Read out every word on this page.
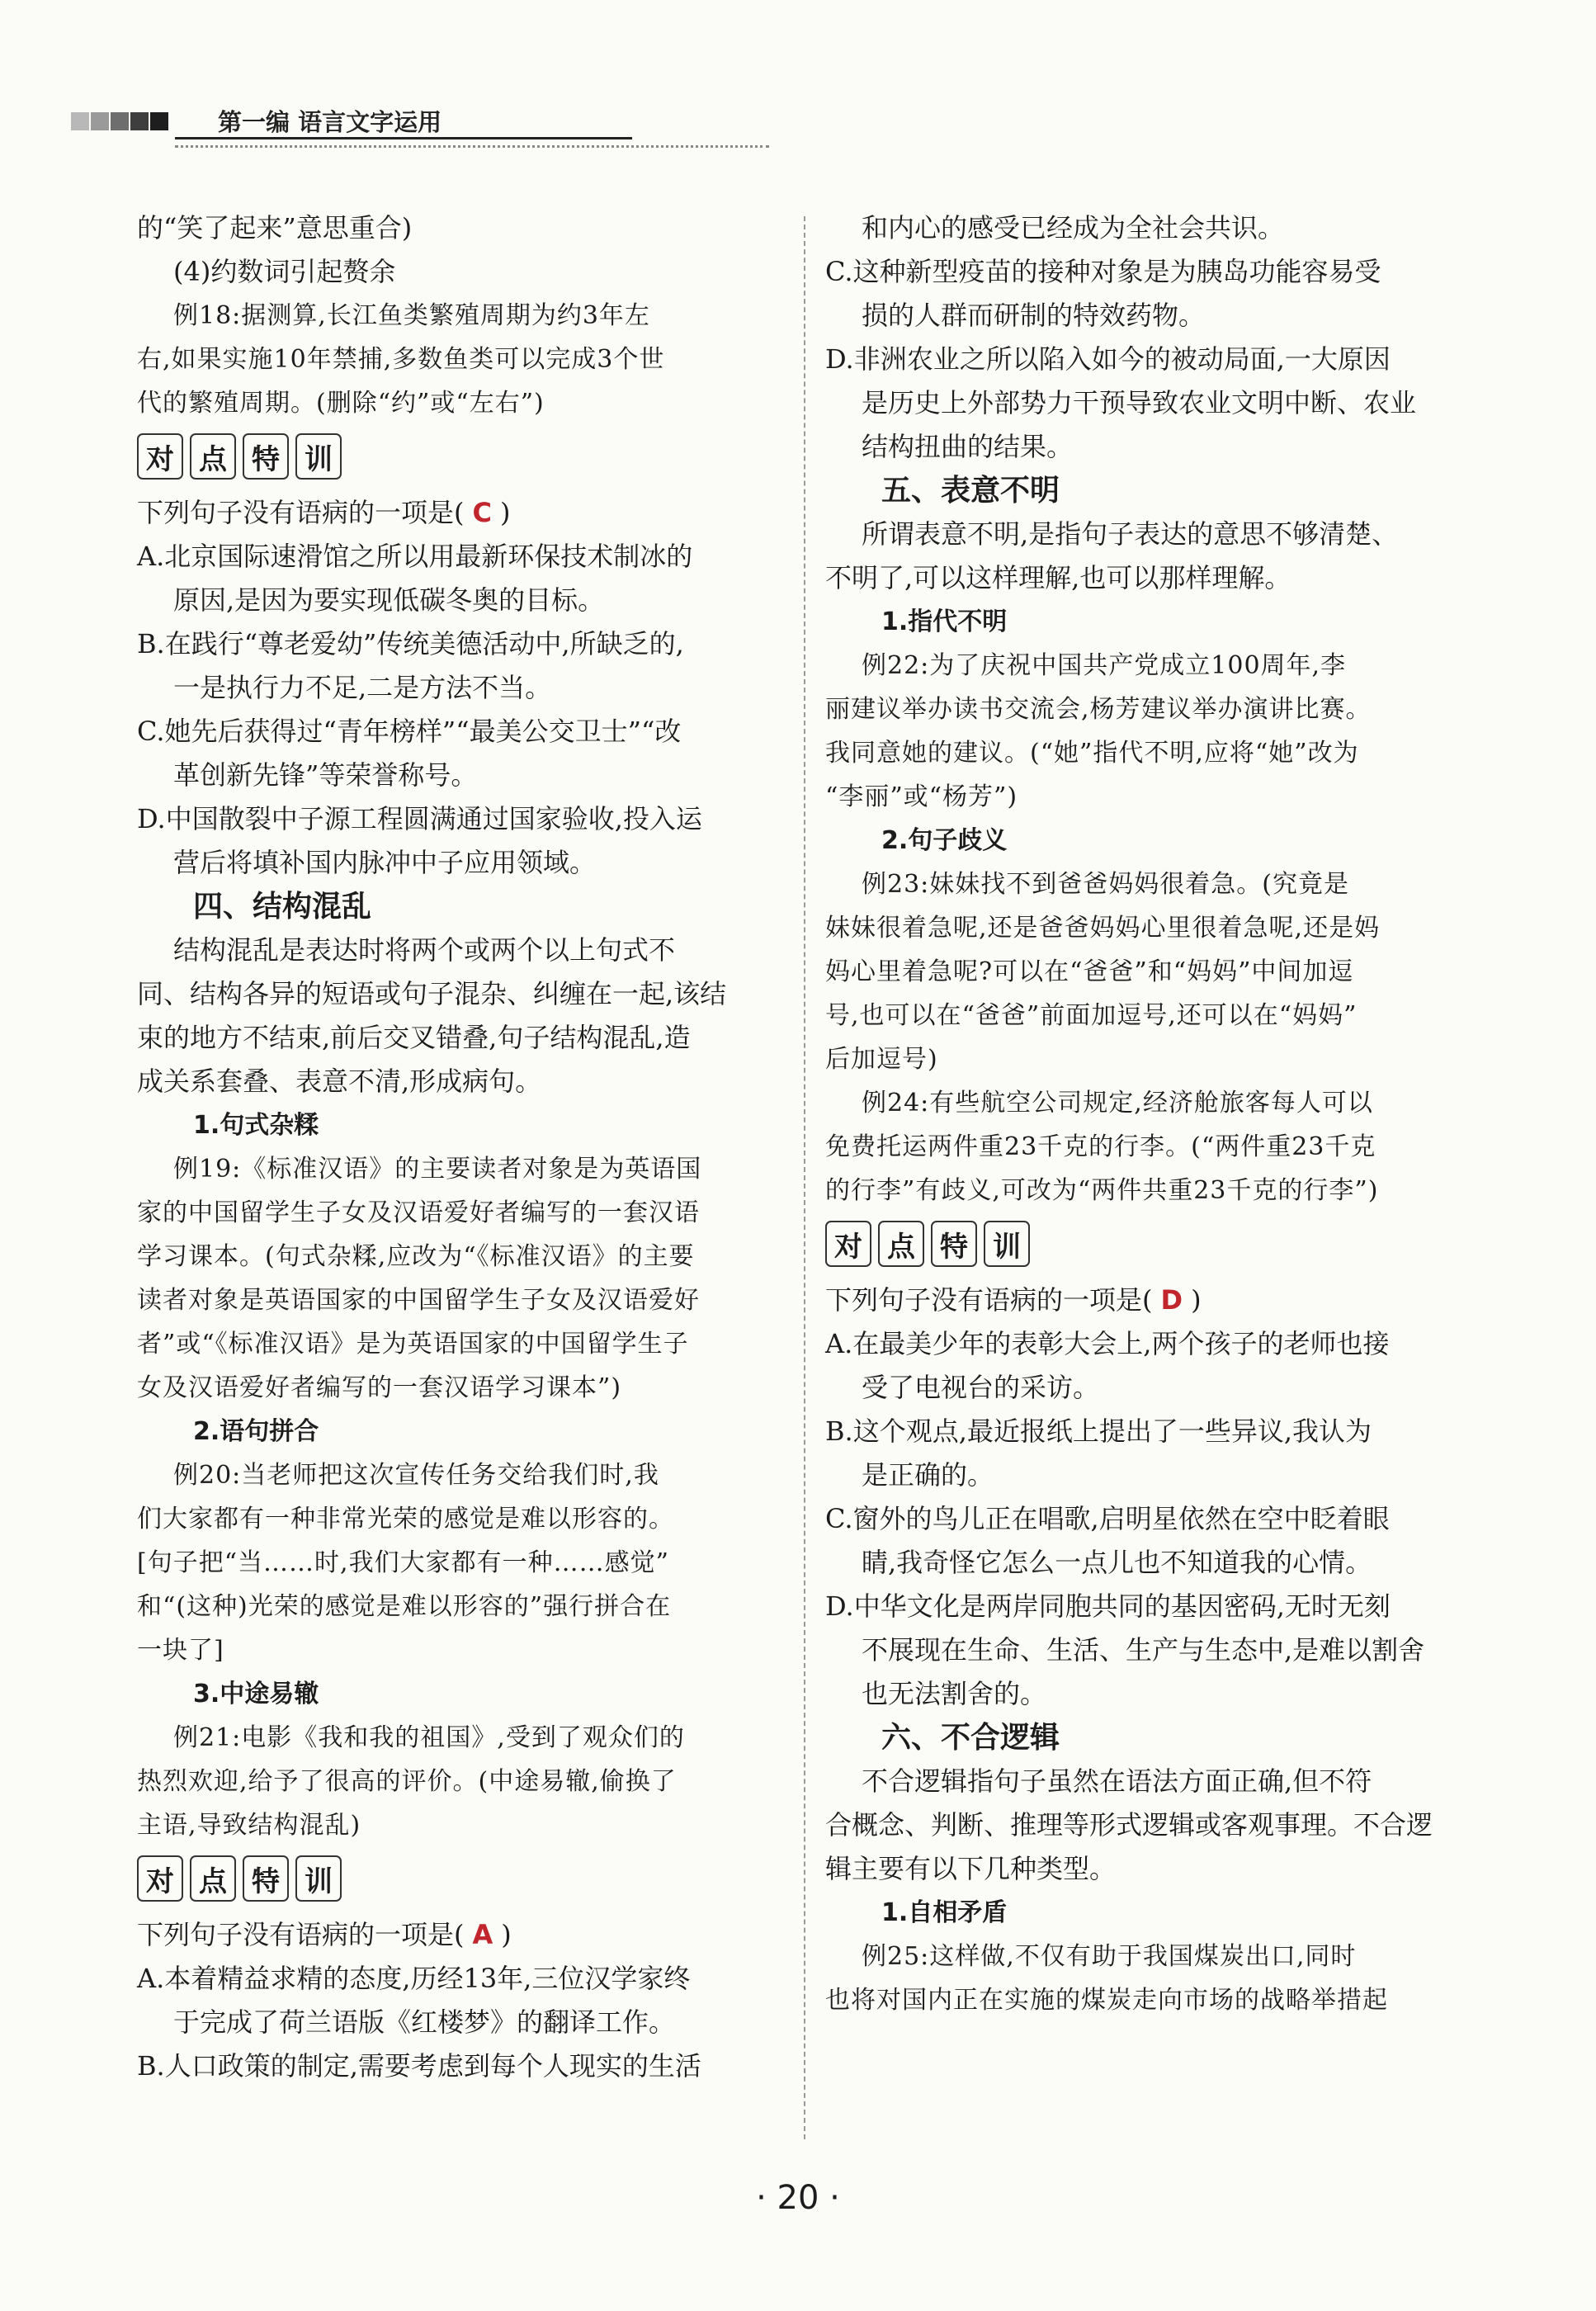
第一编 语言文字运用
的“笑了起来”意思重合)
(4)约数词引起赘余
例18:据测算,长江鱼类繁殖周期为约3年左
右,如果实施10年禁捕,多数鱼类可以完成3个世
代的繁殖周期。(删除“约”或“左右”)
对 点 特 训
下列句子没有语病的一项是( C )
A.北京国际速滑馆之所以用最新环保技术制冰的
原因,是因为要实现低碳冬奥的目标。
B.在践行“尊老爱幼”传统美德活动中,所缺乏的,
一是执行力不足,二是方法不当。
C.她先后获得过“青年榜样”“最美公交卫士”“改
革创新先锋”等荣誉称号。
D.中国散裂中子源工程圆满通过国家验收,投入运
营后将填补国内脉冲中子应用领域。
四、结构混乱
结构混乱是表达时将两个或两个以上句式不
同、结构各异的短语或句子混杂、纠缠在一起,该结
束的地方不结束,前后交叉错叠,句子结构混乱,造
成关系套叠、表意不清,形成病句。
1.句式杂糅
例19:《标准汉语》的主要读者对象是为英语国
家的中国留学生子女及汉语爱好者编写的一套汉语
学习课本。(句式杂糅,应改为“《标准汉语》的主要
读者对象是英语国家的中国留学生子女及汉语爱好
者”或“《标准汉语》是为英语国家的中国留学生子
女及汉语爱好者编写的一套汉语学习课本”)
2.语句拼合
例20:当老师把这次宣传任务交给我们时,我
们大家都有一种非常光荣的感觉是难以形容的。
[句子把“当……时,我们大家都有一种……感觉”
和“(这种)光荣的感觉是难以形容的”强行拼合在
一块了]
3.中途易辙
例21:电影《我和我的祖国》,受到了观众们的
热烈欢迎,给予了很高的评价。(中途易辙,偷换了
主语,导致结构混乱)
对 点 特 训
下列句子没有语病的一项是( A )
A.本着精益求精的态度,历经13年,三位汉学家终
于完成了荷兰语版《红楼梦》的翻译工作。
B.人口政策的制定,需要考虑到每个人现实的生活
和内心的感受已经成为全社会共识。
C.这种新型疫苗的接种对象是为胰岛功能容易受
损的人群而研制的特效药物。
D.非洲农业之所以陷入如今的被动局面,一大原因
是历史上外部势力干预导致农业文明中断、农业
结构扭曲的结果。
五、表意不明
所谓表意不明,是指句子表达的意思不够清楚、
不明了,可以这样理解,也可以那样理解。
1.指代不明
例22:为了庆祝中国共产党成立100周年,李
丽建议举办读书交流会,杨芳建议举办演讲比赛。
我同意她的建议。(“她”指代不明,应将“她”改为
“李丽”或“杨芳”)
2.句子歧义
例23:妹妹找不到爸爸妈妈很着急。(究竟是
妹妹很着急呢,还是爸爸妈妈心里很着急呢,还是妈
妈心里着急呢?可以在“爸爸”和“妈妈”中间加逗
号,也可以在“爸爸”前面加逗号,还可以在“妈妈”
后加逗号)
例24:有些航空公司规定,经济舱旅客每人可以
免费托运两件重23千克的行李。(“两件重23千克
的行李”有歧义,可改为“两件共重23千克的行李”)
对 点 特 训
下列句子没有语病的一项是( D )
A.在最美少年的表彰大会上,两个孩子的老师也接
受了电视台的采访。
B.这个观点,最近报纸上提出了一些异议,我认为
是正确的。
C.窗外的鸟儿正在唱歌,启明星依然在空中眨着眼
睛,我奇怪它怎么一点儿也不知道我的心情。
D.中华文化是两岸同胞共同的基因密码,无时无刻
不展现在生命、生活、生产与生态中,是难以割舍
也无法割舍的。
六、不合逻辑
不合逻辑指句子虽然在语法方面正确,但不符
合概念、判断、推理等形式逻辑或客观事理。不合逻
辑主要有以下几种类型。
1.自相矛盾
例25:这样做,不仅有助于我国煤炭出口,同时
也将对国内正在实施的煤炭走向市场的战略举措起
· 20 ·
